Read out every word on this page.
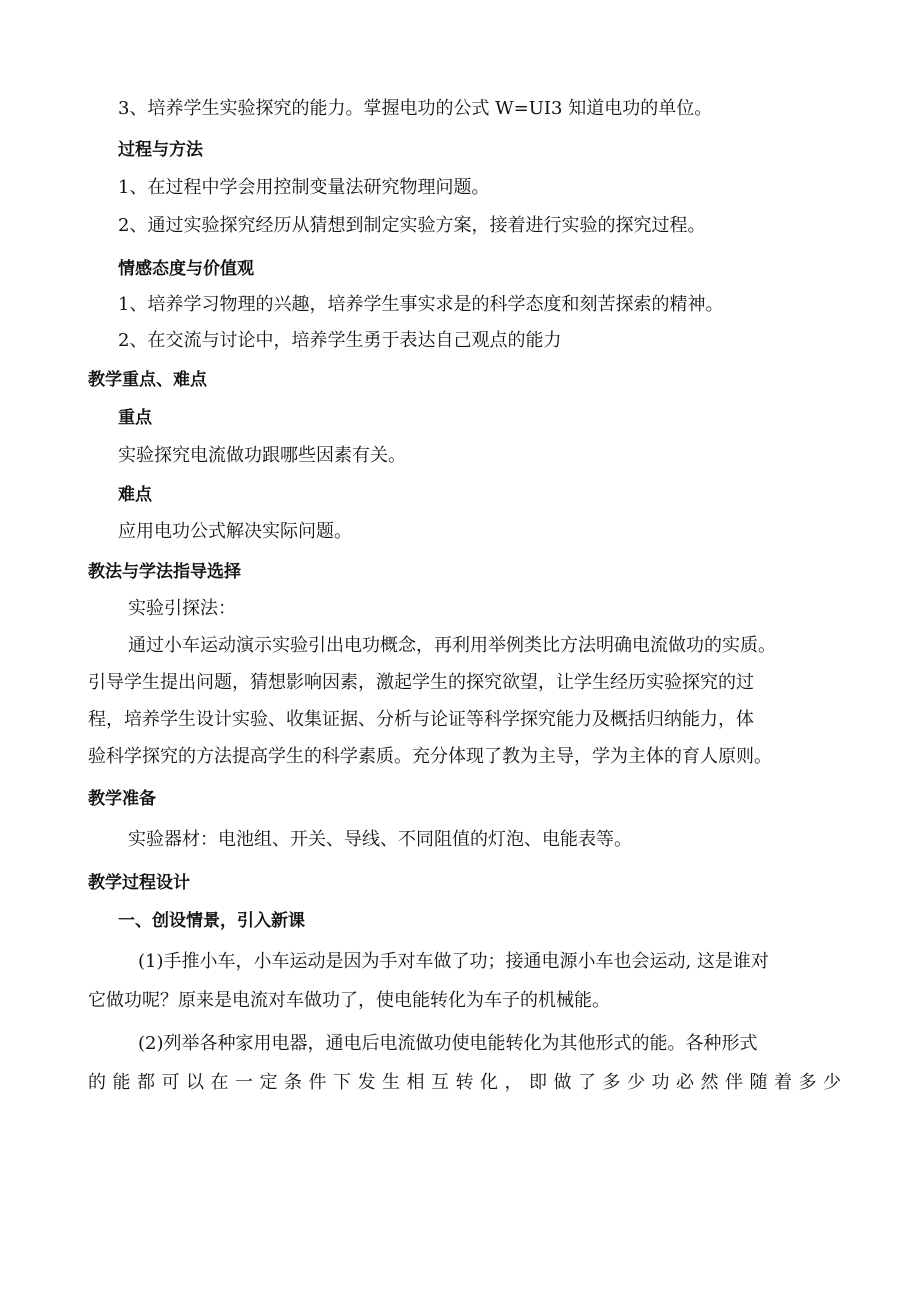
3、培养学生实验探究的能力。掌握电功的公式 W=UI3 知道电功的单位。
过程与方法
1、在过程中学会用控制变量法研究物理问题。
2、通过实验探究经历从猜想到制定实验方案，接着进行实验的探究过程。
情感态度与价值观
1、培养学习物理的兴趣，培养学生事实求是的科学态度和刻苦探索的精神。
2、在交流与讨论中，培养学生勇于表达自己观点的能力
教学重点、难点
重点
实验探究电流做功跟哪些因素有关。
难点
应用电功公式解决实际问题。
教法与学法指导选择
实验引探法：
通过小车运动演示实验引出电功概念，再利用举例类比方法明确电流做功的实质。
引导学生提出问题，猜想影响因素，激起学生的探究欲望，让学生经历实验探究的过
程，培养学生设计实验、收集证据、分析与论证等科学探究能力及概括归纳能力，体
验科学探究的方法提高学生的科学素质。充分体现了教为主导，学为主体的育人原则。
教学准备
实验器材：电池组、开关、导线、不同阻值的灯泡、电能表等。
教学过程设计
一、创设情景，引入新课
(1)手推小车，小车运动是因为手对车做了功；接通电源小车也会运动, 这是谁对
它做功呢？原来是电流对车做功了，使电能转化为车子的机械能。
(2)列举各种家用电器，通电后电流做功使电能转化为其他形式的能。各种形式
的能都可以在一定条件下发生相互转化，即做了多少功必然伴随着多少
